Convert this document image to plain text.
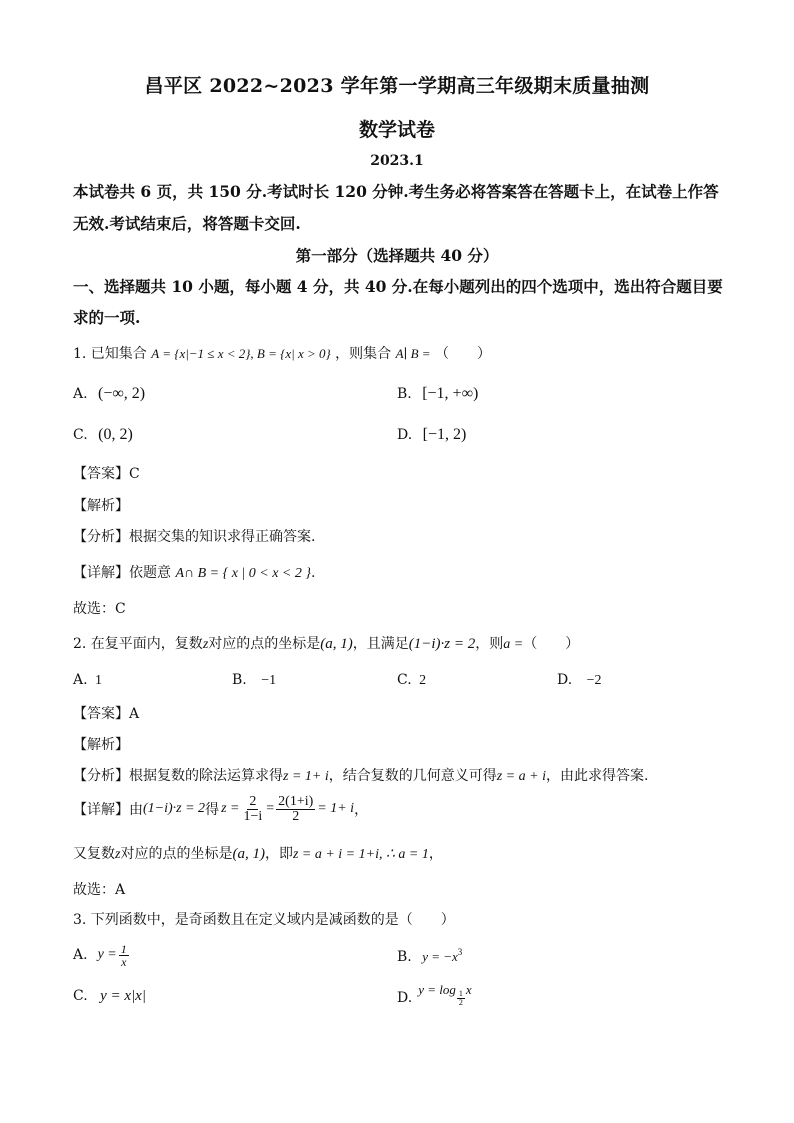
昌平区 2022~2023 学年第一学期高三年级期末质量抽测
数学试卷
2023.1
本试卷共 6 页，共 150 分.考试时长 120 分钟.考生务必将答案答在答题卡上，在试卷上作答
无效.考试结束后，将答题卡交回.
第一部分（选择题共 40 分）
一、选择题共 10 小题，每小题 4 分，共 40 分.在每小题列出的四个选项中，选出符合题目要
求的一项.
1. 已知集合 A = {x|−1 ≤ x < 2}, B = {x| x > 0} ，则集合 A∣ B = （　　）
A. (−∞, 2)	B. [−1, +∞)
C. (0, 2)	D. [−1, 2)
【答案】C
【解析】
【分析】根据交集的知识求得正确答案.
【详解】依题意 A∩ B = { x | 0 < x < 2 }.
故选：C
2. 在复平面内，复数z对应的点的坐标是(a, 1)，且满足(1−i)·z = 2，则a =（　　）
A. 1	B. −1	C. 2	D. −2
【答案】A
【解析】
【分析】根据复数的除法运算求得z = 1+ i，结合复数的几何意义可得z = a + i，由此求得答案.
【详解】 由 (1−i)·z = 2 得 $z = \frac{2}{1-i} = \frac{2(1+i)}{2} = 1+ i$ ，
又复数z对应的点的坐标是(a, 1)，即z = a + i = 1+i, ∴ a = 1，
故选：A
3. 下列函数中，是奇函数且在定义域内是减函数的是（　　）
A. $y = \frac{1}{x}$	B. $y = -x^3$
C. y = x|x|	D.
y = log
$\frac{1}{2}$
x
